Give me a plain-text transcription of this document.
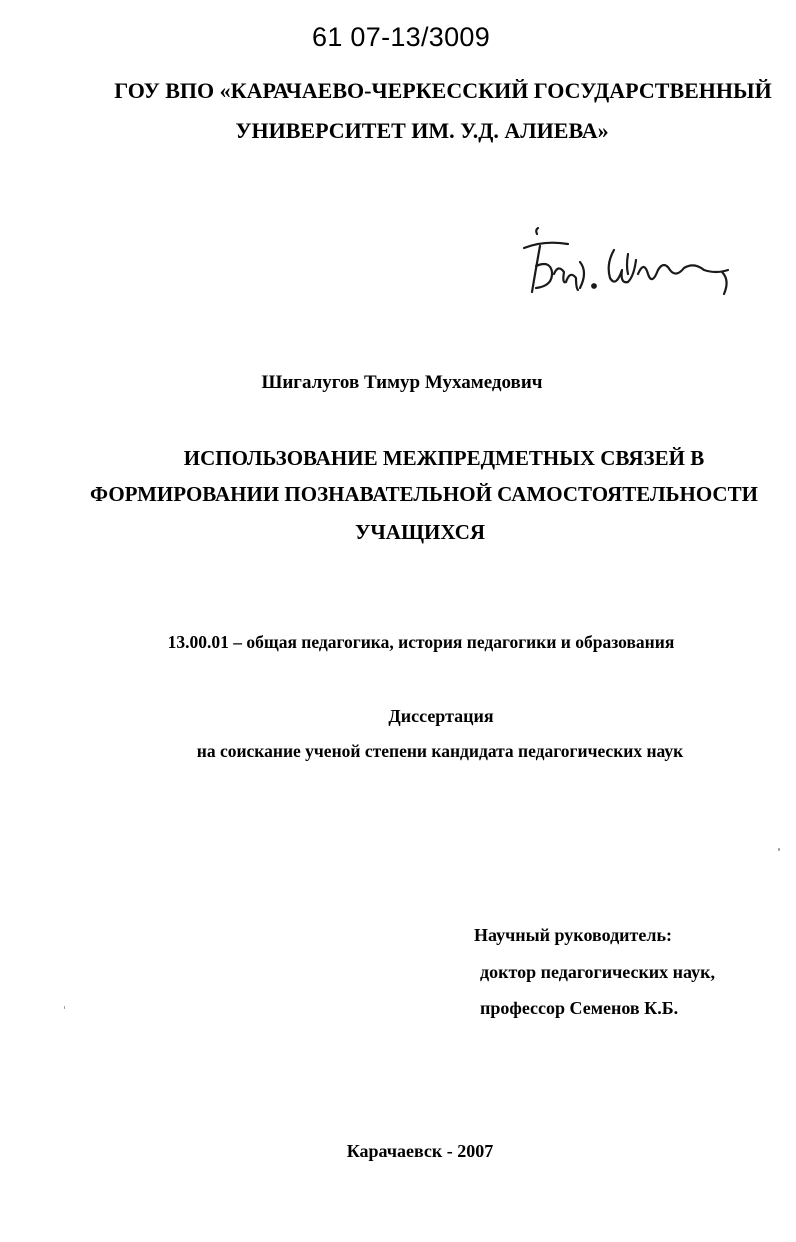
61 07-13/3009
ГОУ ВПО «КАРАЧАЕВО-ЧЕРКЕССКИЙ ГОСУДАРСТВЕННЫЙ
УНИВЕРСИТЕТ ИМ. У.Д. АЛИЕВА»
Шигалугов Тимур Мухамедович
ИСПОЛЬЗОВАНИЕ МЕЖПРЕДМЕТНЫХ СВЯЗЕЙ В
ФОРМИРОВАНИИ ПОЗНАВАТЕЛЬНОЙ САМОСТОЯТЕЛЬНОСТИ
УЧАЩИХСЯ
13.00.01 – общая педагогика, история педагогики и образования
Диссертация
на соискание ученой степени кандидата педагогических наук
Научный руководитель:
доктор педагогических наук,
профессор Семенов К.Б.
Карачаевск - 2007
